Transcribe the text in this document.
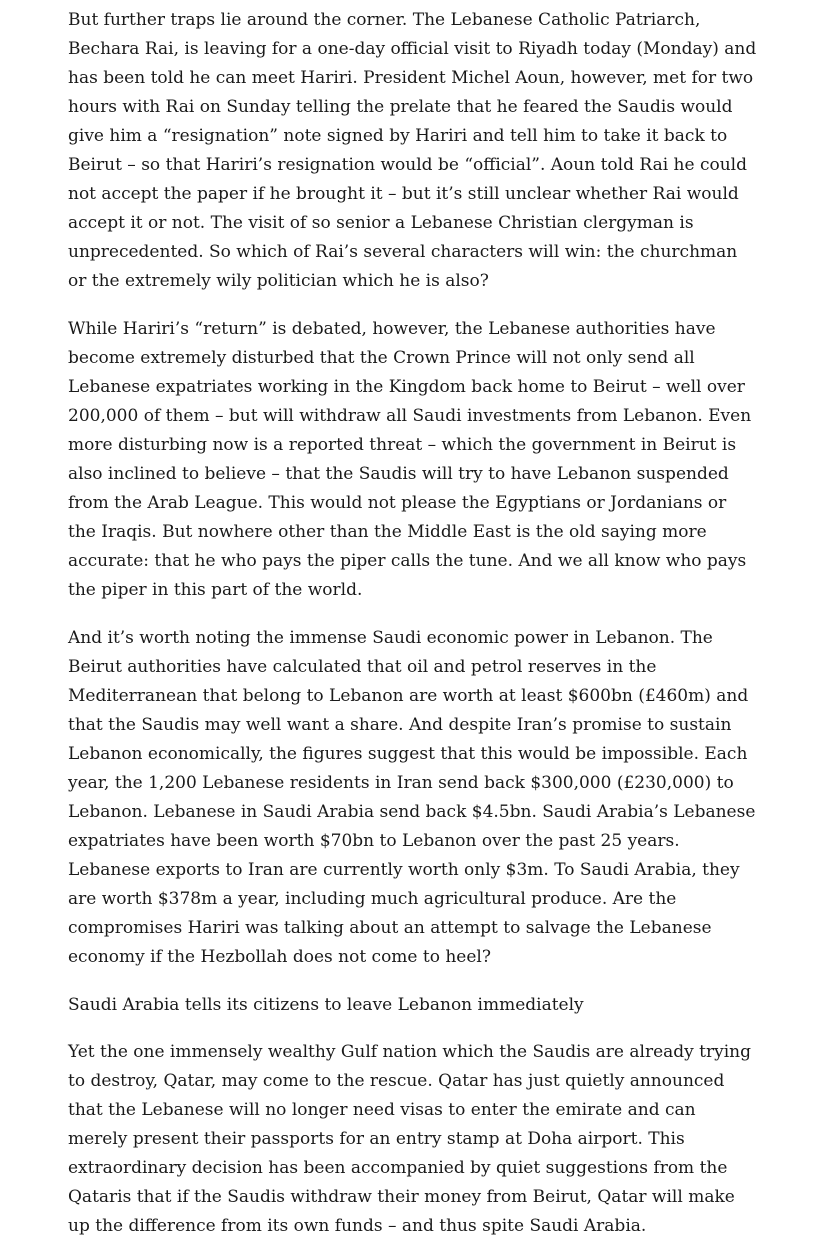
But further traps lie around the corner. The Lebanese Catholic Patriarch, Bechara Rai, is leaving for a one-day official visit to Riyadh today (Monday) and has been told he can meet Hariri. President Michel Aoun, however, met for two hours with Rai on Sunday telling the prelate that he feared the Saudis would give him a “resignation” note signed by Hariri and tell him to take it back to Beirut – so that Hariri’s resignation would be “official”. Aoun told Rai he could not accept the paper if he brought it – but it’s still unclear whether Rai would accept it or not. The visit of so senior a Lebanese Christian clergyman is unprecedented. So which of Rai’s several characters will win: the churchman or the extremely wily politician which he is also?

While Hariri’s “return” is debated, however, the Lebanese authorities have become extremely disturbed that the Crown Prince will not only send all Lebanese expatriates working in the Kingdom back home to Beirut – well over 200,000 of them – but will withdraw all Saudi investments from Lebanon. Even more disturbing now is a reported threat – which the government in Beirut is also inclined to believe – that the Saudis will try to have Lebanon suspended from the Arab League. This would not please the Egyptians or Jordanians or the Iraqis. But nowhere other than the Middle East is the old saying more accurate: that he who pays the piper calls the tune. And we all know who pays the piper in this part of the world.

And it’s worth noting the immense Saudi economic power in Lebanon. The Beirut authorities have calculated that oil and petrol reserves in the Mediterranean that belong to Lebanon are worth at least $600bn (£460m) and that the Saudis may well want a share. And despite Iran’s promise to sustain Lebanon economically, the figures suggest that this would be impossible. Each year, the 1,200 Lebanese residents in Iran send back $300,000 (£230,000) to Lebanon. Lebanese in Saudi Arabia send back $4.5bn. Saudi Arabia’s Lebanese expatriates have been worth $70bn to Lebanon over the past 25 years. Lebanese exports to Iran are currently worth only $3m. To Saudi Arabia, they are worth $378m a year, including much agricultural produce. Are the compromises Hariri was talking about an attempt to salvage the Lebanese economy if the Hezbollah does not come to heel?

Saudi Arabia tells its citizens to leave Lebanon immediately

Yet the one immensely wealthy Gulf nation which the Saudis are already trying to destroy, Qatar, may come to the rescue. Qatar has just quietly announced that the Lebanese will no longer need visas to enter the emirate and can merely present their passports for an entry stamp at Doha airport. This extraordinary decision has been accompanied by quiet suggestions from the Qataris that if the Saudis withdraw their money from Beirut, Qatar will make up the difference from its own funds – and thus spite Saudi Arabia.
